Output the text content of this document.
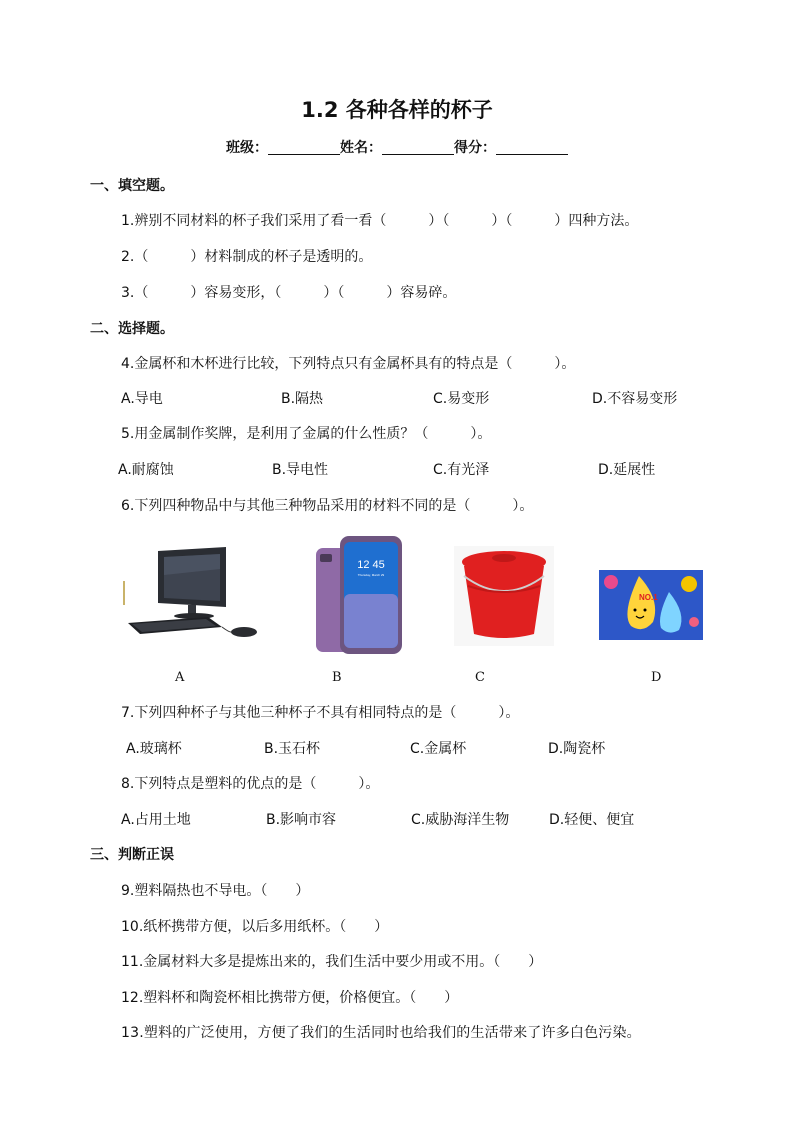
1.2 各种各样的杯子
班级：	姓名：	得分：
一、填空题。
1.辨别不同材料的杯子我们采用了看一看（　　　）（　　　）（　　　）四种方法。
2.（　　　）材料制成的杯子是透明的。
3.（　　　）容易变形，（　　　）（　　　）容易碎。
二、选择题。
4.金属杯和木杯进行比较，下列特点只有金属杯具有的特点是（　　　）。
A.导电	B.隔热	C.易变形	D.不容易变形
5.用金属制作奖牌，是利用了金属的什么性质？（　　　）。
A.耐腐蚀	B.导电性	C.有光泽	D.延展性
6.下列四种物品中与其他三种物品采用的材料不同的是（　　　）。
12 45
Thursday, March 29
NO.1
A	B	C	D
7.下列四种杯子与其他三种杯子不具有相同特点的是（　　　）。
A.玻璃杯	B.玉石杯	C.金属杯	D.陶瓷杯
8.下列特点是塑料的优点的是（　　　）。
A.占用土地	B.影响市容	C.威胁海洋生物	D.轻便、便宜
三、判断正误
9.塑料隔热也不导电。（　　）
10.纸杯携带方便，以后多用纸杯。（　　）
11.金属材料大多是提炼出来的，我们生活中要少用或不用。（　　）
12.塑料杯和陶瓷杯相比携带方便，价格便宜。（　　）
13.塑料的广泛使用，方便了我们的生活同时也给我们的生活带来了许多白色污染。
